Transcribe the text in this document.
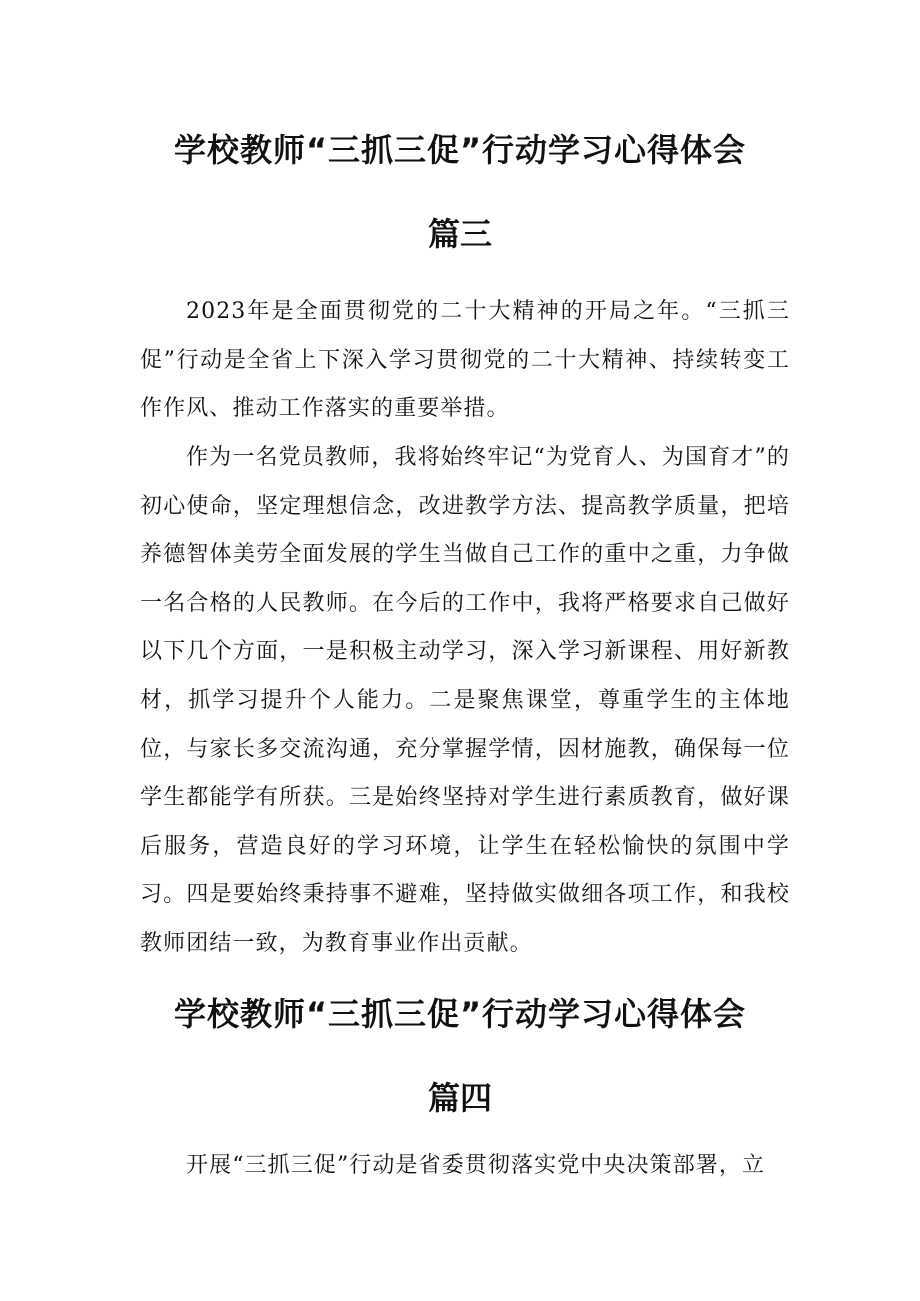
学校教师“三抓三促”行动学习心得体会
篇三

2023年是全面贯彻党的二十大精神的开局之年。“三抓三促”行动是全省上下深入学习贯彻党的二十大精神、持续转变工作作风、推动工作落实的重要举措。

作为一名党员教师，我将始终牢记“为党育人、为国育才”的初心使命，坚定理想信念，改进教学方法、提高教学质量，把培养德智体美劳全面发展的学生当做自己工作的重中之重，力争做一名合格的人民教师。在今后的工作中，我将严格要求自己做好以下几个方面，一是积极主动学习，深入学习新课程、用好新教材，抓学习提升个人能力。二是聚焦课堂，尊重学生的主体地位，与家长多交流沟通，充分掌握学情，因材施教，确保每一位学生都能学有所获。三是始终坚持对学生进行素质教育，做好课后服务，营造良好的学习环境，让学生在轻松愉快的氛围中学习。四是要始终秉持事不避难，坚持做实做细各项工作，和我校教师团结一致，为教育事业作出贡献。

学校教师“三抓三促”行动学习心得体会
篇四

开展“三抓三促”行动是省委贯彻落实党中央决策部署，立
